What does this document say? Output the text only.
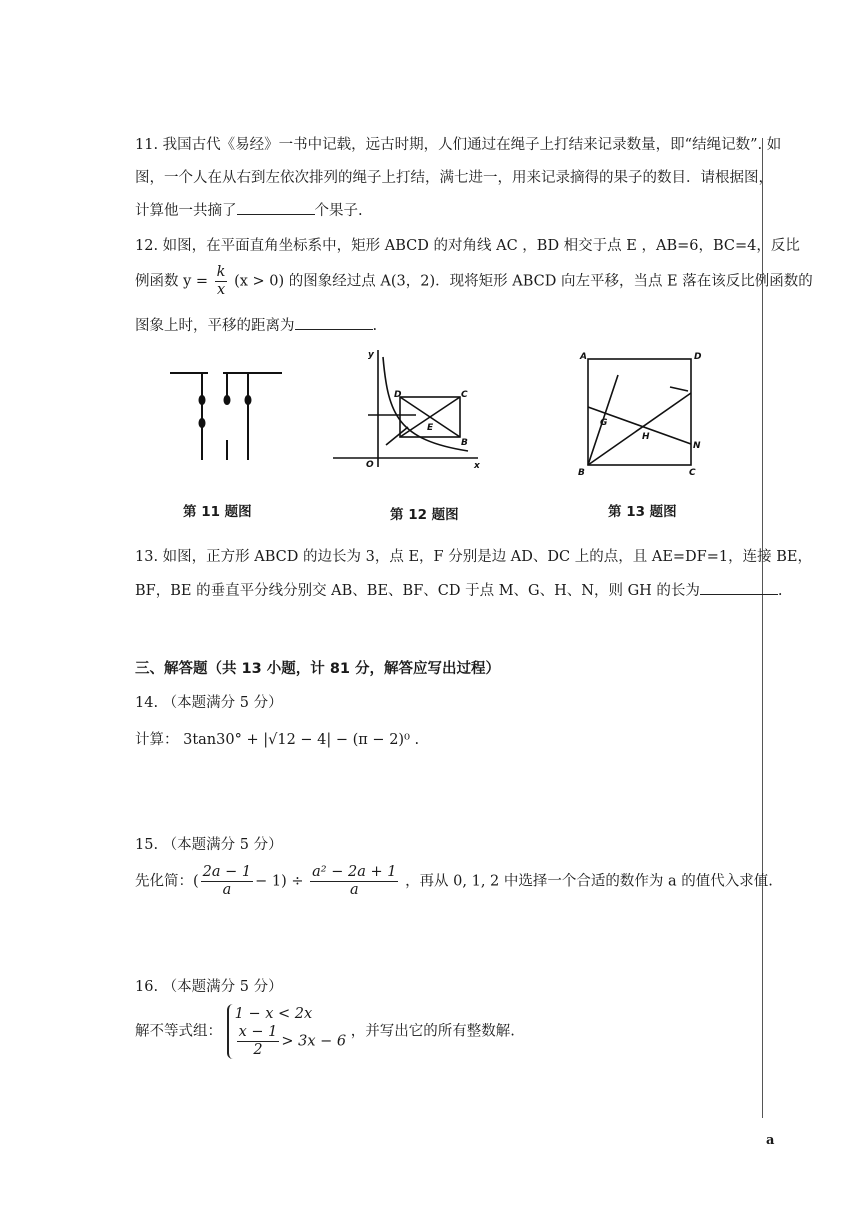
11. 我国古代《易经》一书中记载，远古时期，人们通过在绳子上打结来记录数量，即“结绳记数”. 如
图，一个人在从右到左依次排列的绳子上打结，满七进一，用来记录摘得的果子的数目．请根据图，
计算他一共摘了	个果子.
12. 如图，在平面直角坐标系中，矩形 ABCD 的对角线 AC ，BD 相交于点 E ，AB=6，BC=4，反比
例函数 $y = \frac{k}{x} (x > 0)$ 的图象经过点 A(3，2)．现将矩形 ABCD 向左平移，当点 E 落在该反比例函数的
图象上时，平移的距离为	.
y
x
O
D	C
E
B
A	D
G
H
N
B	C
第 11 题图	第 12 题图	第 13 题图
13. 如图，正方形 ABCD 的边长为 3，点 E，F 分别是边 AD、DC 上的点，且 AE=DF=1，连接 BE，
BF，BE 的垂直平分线分别交 AB、BE、BF、CD 于点 M、G、H、N，则 GH 的长为	.
三、解答题（共 13 小题，计 81 分，解答应写出过程）
14. （本题满分 5 分）
计算： 3tan30° + |√12 − 4| − (π − 2)⁰ .
15. （本题满分 5 分）
先化简：( $\frac{2a - 1}{a} - 1) \div \frac{\text{a² − 2a + 1}}{a}$ ，再从 0, 1, 2 中选择一个合适的数作为 a 的值代入求值.
16. （本题满分 5 分）
解不等式组：
1 − x < 2x
$\frac{x - 1}{2} > 3x - 6$
，并写出它的所有整数解.
a
